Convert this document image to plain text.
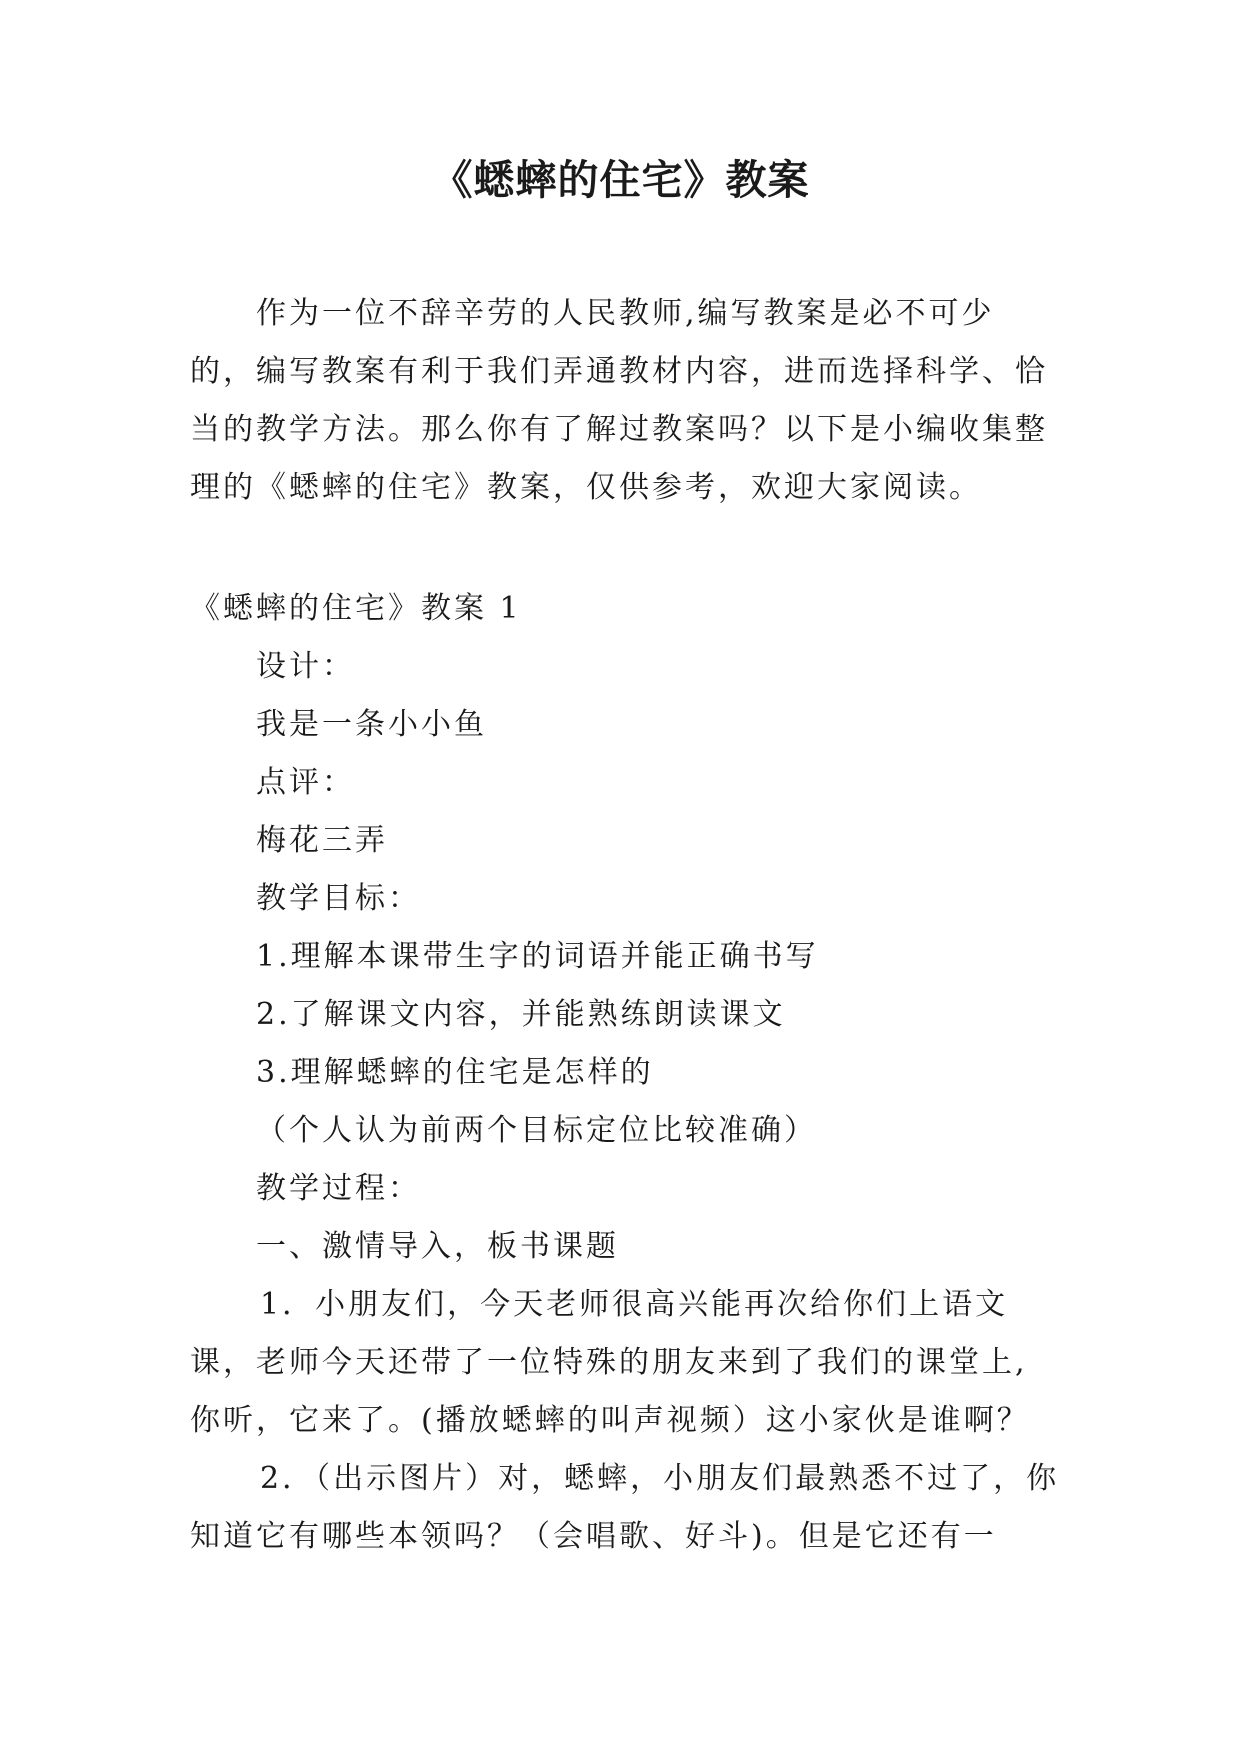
《蟋蟀的住宅》教案

作为一位不辞辛劳的人民教师,编写教案是必不可少的，编写教案有利于我们弄通教材内容，进而选择科学、恰当的教学方法。那么你有了解过教案吗？以下是小编收集整理的《蟋蟀的住宅》教案，仅供参考，欢迎大家阅读。

《蟋蟀的住宅》教案 1

设计：

我是一条小小鱼

点评：

梅花三弄

教学目标：

1.理解本课带生字的词语并能正确书写

2.了解课文内容，并能熟练朗读课文

3.理解蟋蟀的住宅是怎样的

（个人认为前两个目标定位比较准确）

教学过程：

一、激情导入，板书课题

1．小朋友们，今天老师很高兴能再次给你们上语文课，老师今天还带了一位特殊的朋友来到了我们的课堂上,你听，它来了。(播放蟋蟀的叫声视频）这小家伙是谁啊？

2．（出示图片）对，蟋蟀，小朋友们最熟悉不过了，你知道它有哪些本领吗？（会唱歌、好斗)。但是它还有一
